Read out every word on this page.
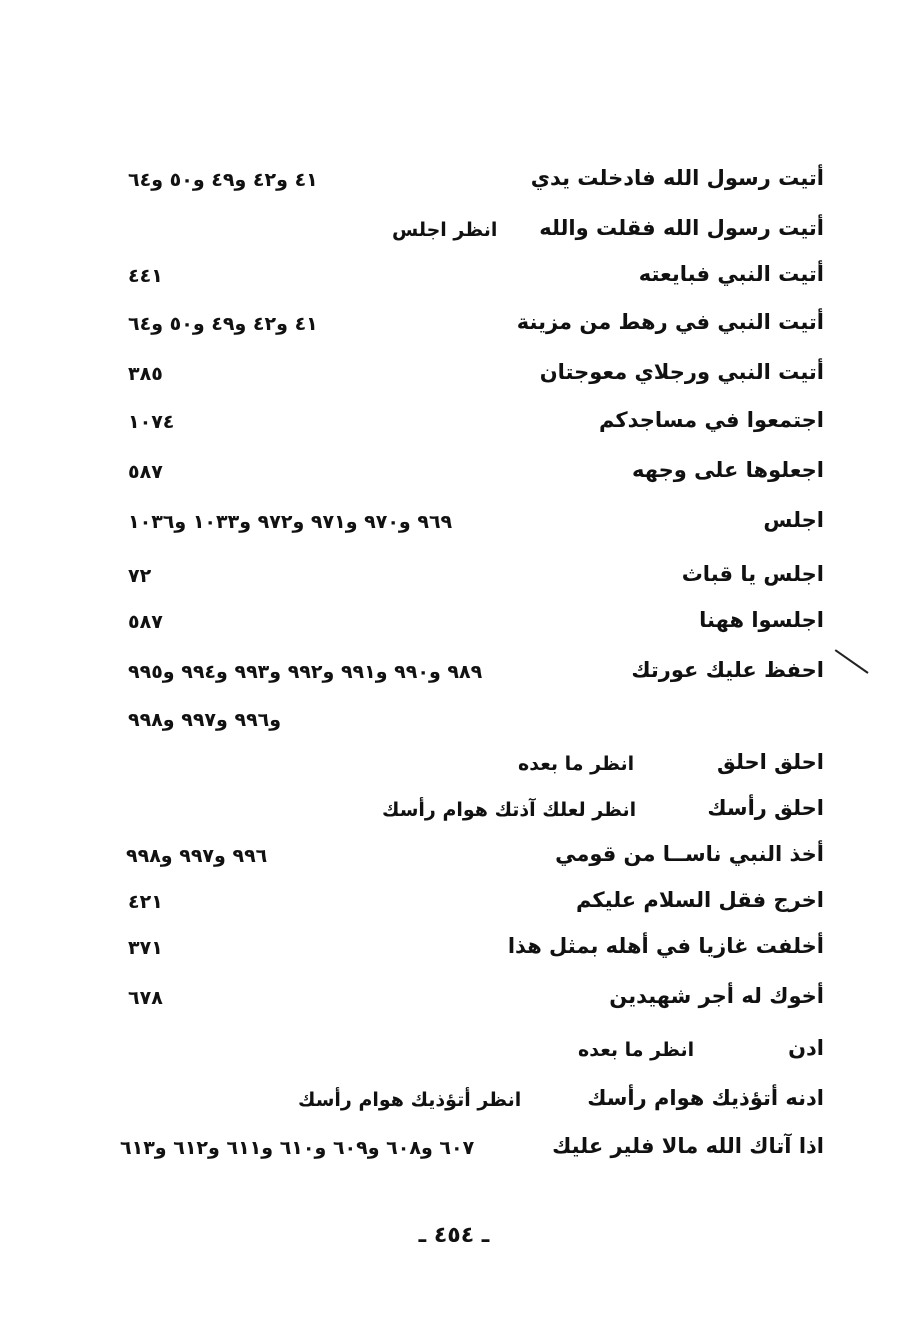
أتيت رسول الله فادخلت يدي
٤١ و٤٢ و٤٩ و٥٠ و٦٤
أتيت رسول الله فقلت والله
انظر اجلس
أتيت النبي فبايعته
٤٤١
أتيت النبي في رهط من مزينة
٤١ و٤٢ و٤٩ و٥٠ و٦٤
أتيت النبي ورجلاي معوجتان
٣٨٥
اجتمعوا في مساجدكم
١٠٧٤
اجعلوها على وجهه
٥٨٧
اجلس
٩٦٩ و٩٧٠ و٩٧١ و٩٧٢ و١٠٣٣ و١٠٣٦
اجلس يا قباث
٧٢
اجلسوا ههنا
٥٨٧
احفظ عليك عورتك
٩٨٩ و٩٩٠ و٩٩١ و٩٩٢ و٩٩٣ و٩٩٤ و٩٩٥
و٩٩٦ و٩٩٧ و٩٩٨
احلق احلق
انظر ما بعده
احلق رأسك
انظر لعلك آذتك هوام رأسك
أخذ النبي ناســا من قومي
٩٩٦ و٩٩٧ و٩٩٨
اخرج فقل السلام عليكم
٤٢١
أخلفت غازيا في أهله بمثل هذا
٣٧١
أخوك له أجر شهيدين
٦٧٨
ادن
انظر ما بعده
ادنه أتؤذيك هوام رأسك
انظر أتؤذيك هوام رأسك
اذا آتاك الله مالا فلير عليك
٦٠٧ و٦٠٨ و٦٠٩ و٦١٠ و٦١١ و٦١٢ و٦١٣
ـ ٤٥٤ ـ
